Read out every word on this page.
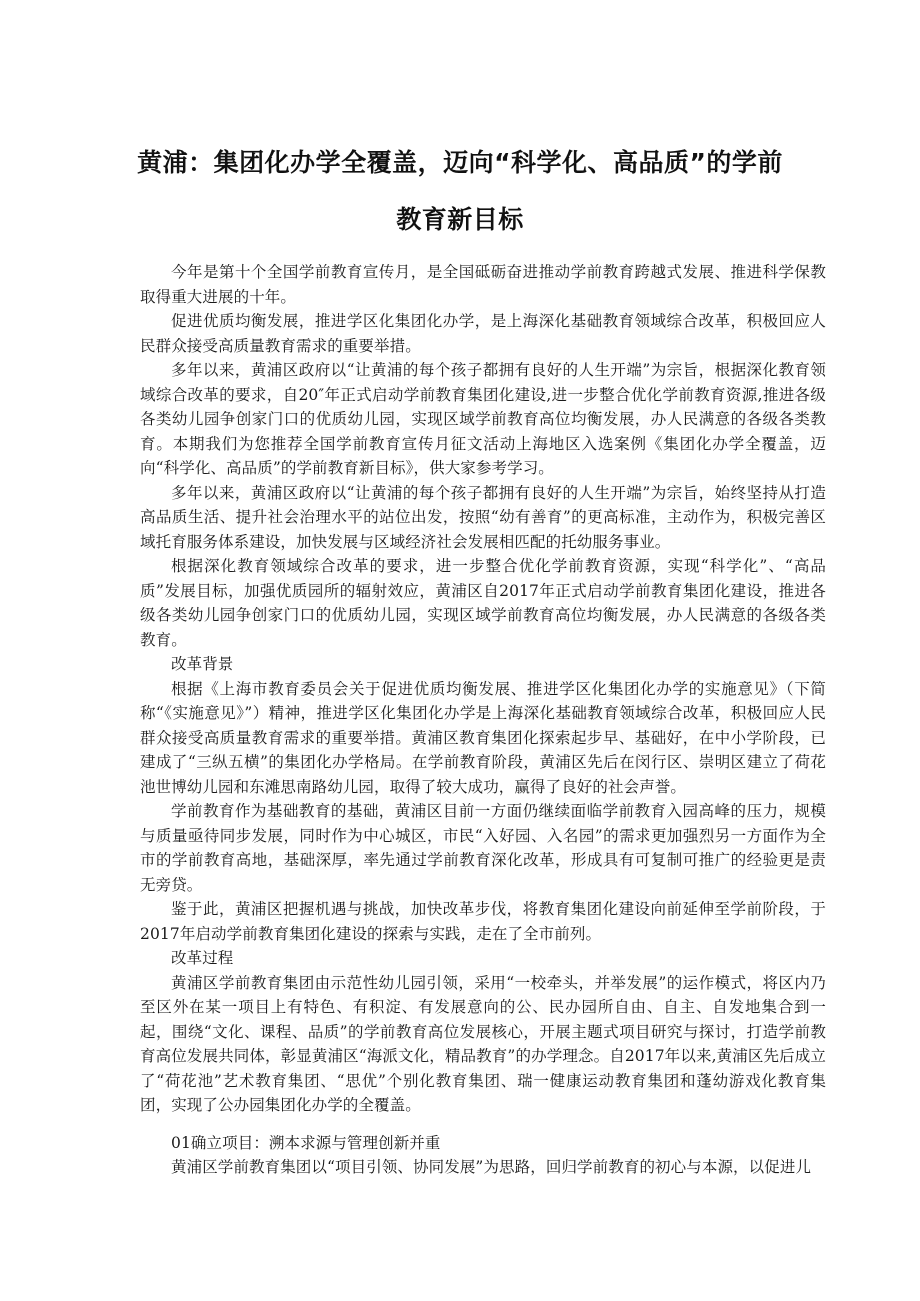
黄浦：集团化办学全覆盖，迈向“科学化、高品质”的学前
教育新目标

今年是第十个全国学前教育宣传月，是全国砥砺奋进推动学前教育跨越式发展、推进科学保教取得重大进展的十年。

促进优质均衡发展，推进学区化集团化办学，是上海深化基础教育领域综合改革，积极回应人民群众接受高质量教育需求的重要举措。

多年以来，黄浦区政府以“让黄浦的每个孩子都拥有良好的人生开端”为宗旨，根据深化教育领域综合改革的要求，自20″年正式启动学前教育集团化建设,进一步整合优化学前教育资源,推进各级各类幼儿园争创家门口的优质幼儿园，实现区域学前教育高位均衡发展，办人民满意的各级各类教育。本期我们为您推荐全国学前教育宣传月征文活动上海地区入选案例《集团化办学全覆盖，迈向“科学化、高品质”的学前教育新目标》，供大家参考学习。

多年以来，黄浦区政府以“让黄浦的每个孩子都拥有良好的人生开端”为宗旨，始终坚持从打造高品质生活、提升社会治理水平的站位出发，按照“幼有善育”的更高标准，主动作为，积极完善区域托育服务体系建设，加快发展与区域经济社会发展相匹配的托幼服务事业。

根据深化教育领域综合改革的要求，进一步整合优化学前教育资源，实现“科学化”、“高品质”发展目标，加强优质园所的辐射效应，黄浦区自2017年正式启动学前教育集团化建设，推进各级各类幼儿园争创家门口的优质幼儿园，实现区域学前教育高位均衡发展，办人民满意的各级各类教育。

改革背景

根据《上海市教育委员会关于促进优质均衡发展、推进学区化集团化办学的实施意见》（下简称“《实施意见》”）精神，推进学区化集团化办学是上海深化基础教育领域综合改革，积极回应人民群众接受高质量教育需求的重要举措。黄浦区教育集团化探索起步早、基础好，在中小学阶段，已建成了“三纵五横”的集团化办学格局。在学前教育阶段，黄浦区先后在闵行区、崇明区建立了荷花池世博幼儿园和东滩思南路幼儿园，取得了较大成功，赢得了良好的社会声誉。

学前教育作为基础教育的基础，黄浦区目前一方面仍继续面临学前教育入园高峰的压力，规模与质量亟待同步发展，同时作为中心城区，市民“入好园、入名园”的需求更加强烈另一方面作为全市的学前教育高地，基础深厚，率先通过学前教育深化改革，形成具有可复制可推广的经验更是责无旁贷。

鉴于此，黄浦区把握机遇与挑战，加快改革步伐，将教育集团化建设向前延伸至学前阶段，于2017年启动学前教育集团化建设的探索与实践，走在了全市前列。

改革过程

黄浦区学前教育集团由示范性幼儿园引领，采用“一校牵头，并举发展”的运作模式，将区内乃至区外在某一项目上有特色、有积淀、有发展意向的公、民办园所自由、自主、自发地集合到一起，围绕“文化、课程、品质”的学前教育高位发展核心，开展主题式项目研究与探讨，打造学前教育高位发展共同体，彰显黄浦区“海派文化，精品教育”的办学理念。自2017年以来,黄浦区先后成立了“荷花池”艺术教育集团、“思优”个别化教育集团、瑞一健康运动教育集团和蓬幼游戏化教育集团，实现了公办园集团化办学的全覆盖。

01确立项目：溯本求源与管理创新并重

黄浦区学前教育集团以“项目引领、协同发展”为思路，回归学前教育的初心与本源，以促进儿
